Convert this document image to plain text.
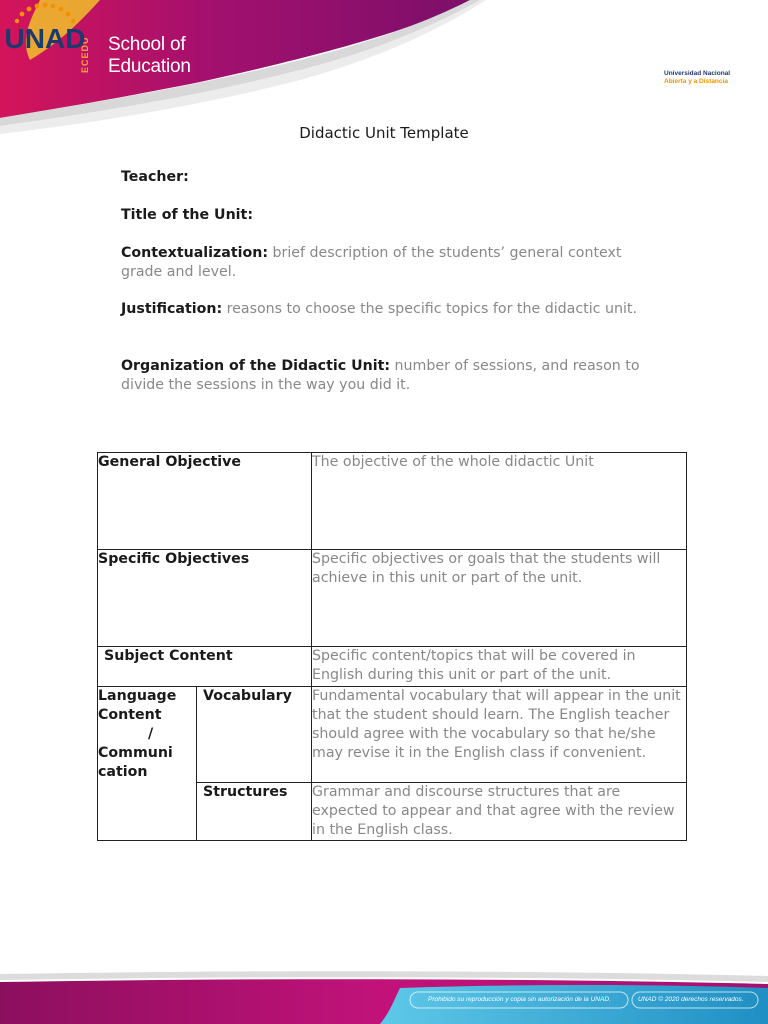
ECEDU School of
Education
UNAD
Universidad Nacional
Abierta y a Distancia
Didactic Unit Template
Teacher:
Title of the Unit:
Contextualization: brief description of the students’ general context grade and level.
Justification: reasons to choose the specific topics for the didactic unit.
Organization of the Didactic Unit: number of sessions, and reason to divide the sessions in the way you did it.
General Objective		The objective of the whole didactic Unit
Specific Objectives		Specific objectives or goals that the students will achieve in this unit or part of the unit.
Subject Content		Specific content/topics that will be covered in English during this unit or part of the unit.

Language
Content
/
Communi
cation	Vocabulary	Fundamental vocabulary that will appear in the unit that the student should learn. The English teacher should agree with the vocabulary so that he/she may revise it in the English class if convenient.
	Structures	Grammar and discourse structures that are expected to appear and that agree with the review in the English class.
Prohibido su reproducción y copia sin autorización de la UNAD.	UNAD © 2020 derechos reservados.
